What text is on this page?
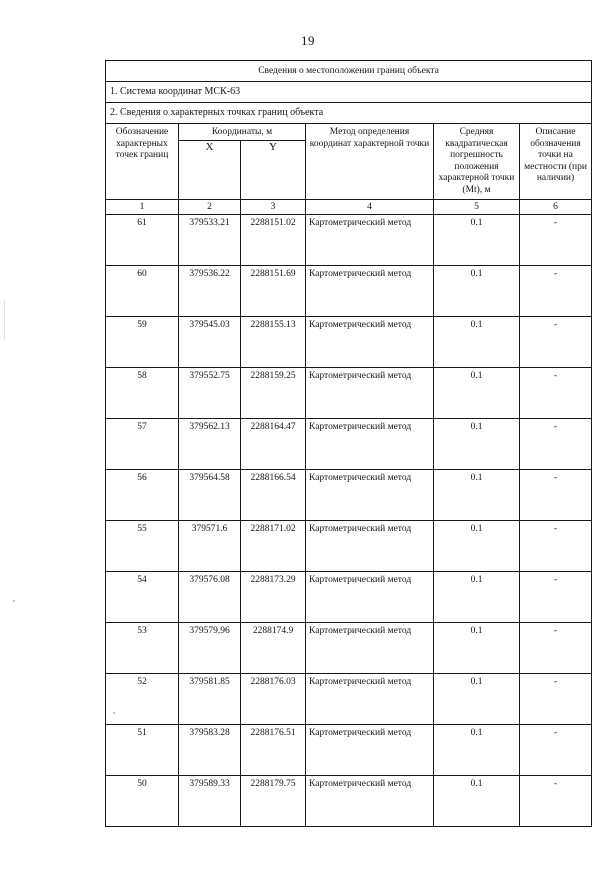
19
Сведения о местоположении границ объекта					
1. Система координат МСК-63					
2. Сведения о характерных точках границ объекта					
Обозначение характерных точек границ	Координаты, м		Метод определения координат характерной точки	Средняя квадратическая погрешность положения характерной точки (Мt), м	Описание обозначения точки на местности (при наличии)
	X	Y			
1	2	3	4	5	6
61	379533.21	2288151.02	Картометрический метод	0.1	-
60	379536.22	2288151.69	Картометрический метод	0.1	-
59	379545.03	2288155.13	Картометрический метод	0.1	-
58	379552.75	2288159.25	Картометрический метод	0.1	-
57	379562.13	2288164.47	Картометрический метод	0.1	-
56	379564.58	2288166.54	Картометрический метод	0.1	-
55	379571.6	2288171.02	Картометрический метод	0.1	-
54	379576.08	2288173.29	Картометрический метод	0.1	-
53	379579.96	2288174.9	Картометрический метод	0.1	-
52	379581.85	2288176.03	Картометрический метод	0.1	-
51	379583.28	2288176.51	Картометрический метод	0.1	-
50	379589.33	2288179.75	Картометрический метод	0.1	-
